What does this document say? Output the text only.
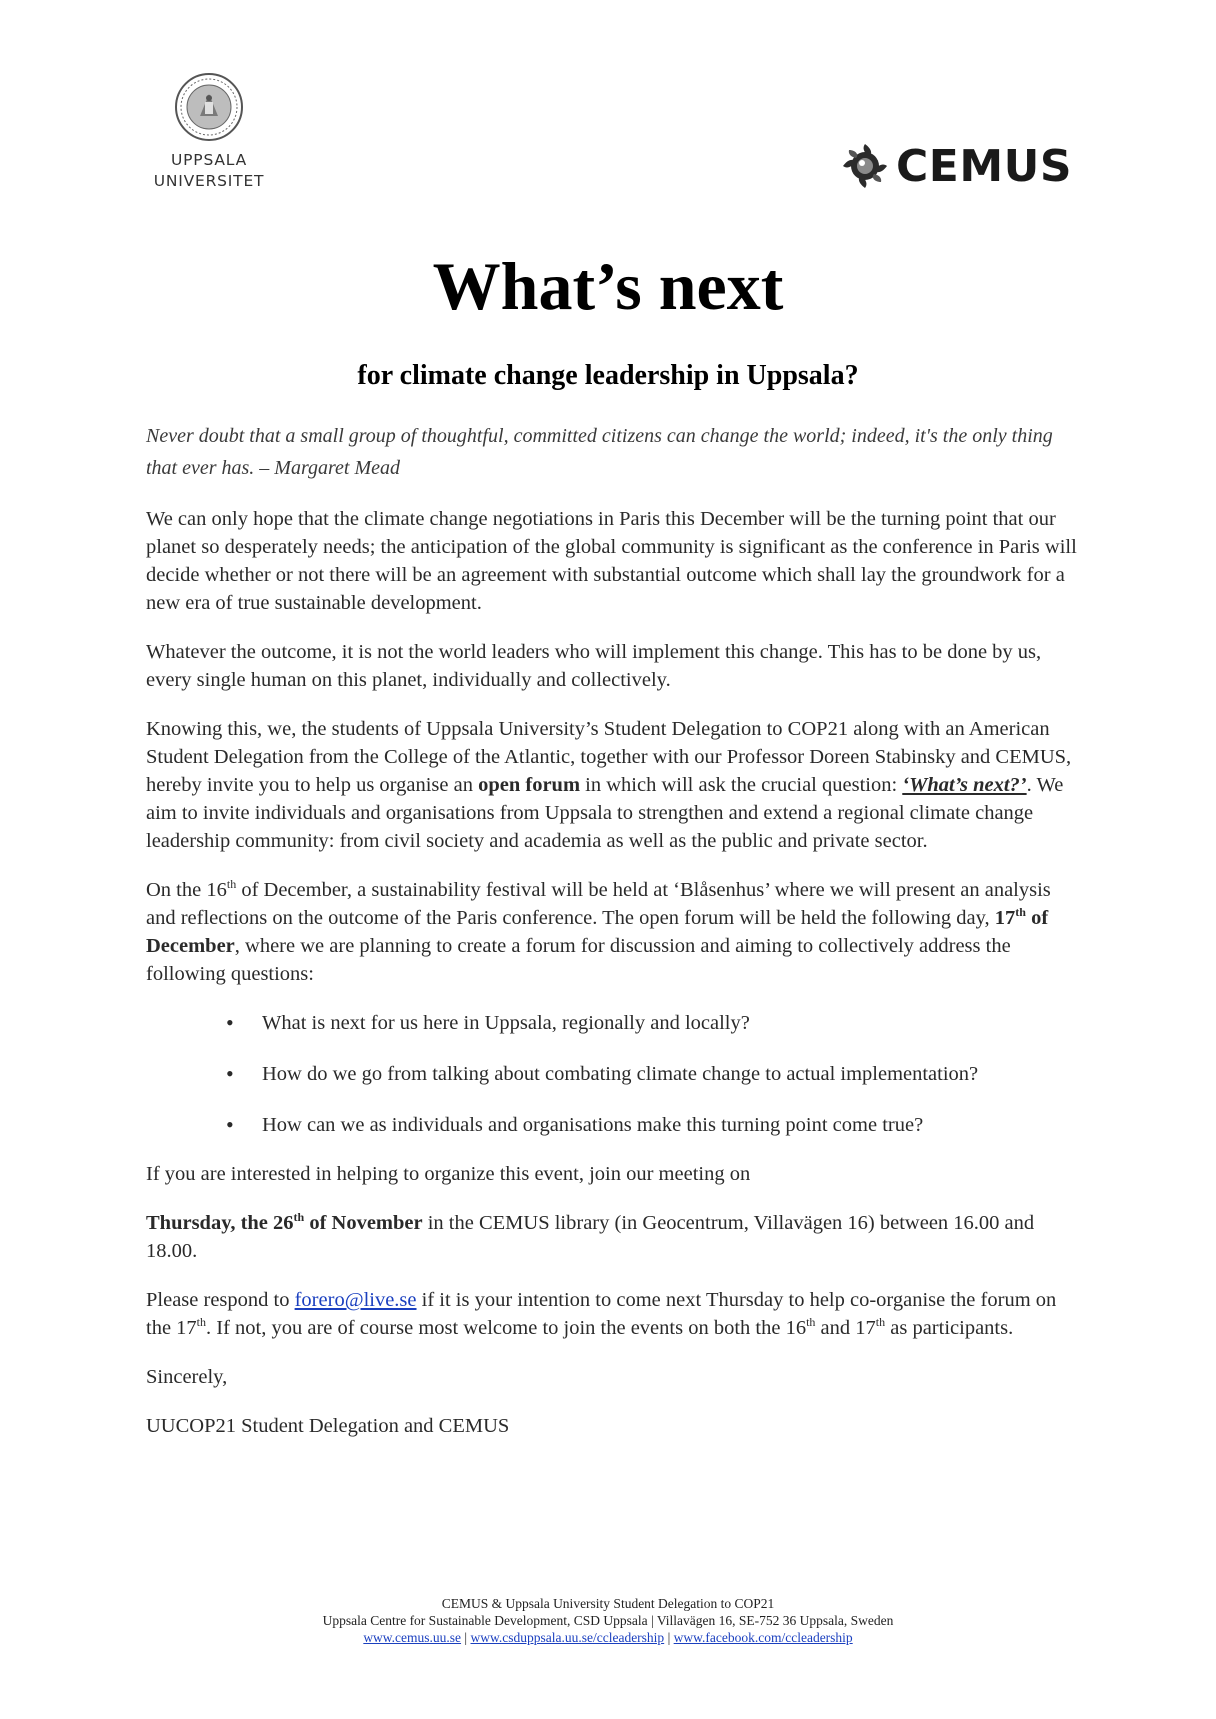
UPPSALA
UNIVERSITET	CEMUS
What’s next
for climate change leadership in Uppsala?

Never doubt that a small group of thoughtful, committed citizens can change the world; indeed, it's the only thing that ever has. – Margaret Mead

We can only hope that the climate change negotiations in Paris this December will be the turning point that our planet so desperately needs; the anticipation of the global community is significant as the conference in Paris will decide whether or not there will be an agreement with substantial outcome which shall lay the groundwork for a new era of true sustainable development.

Whatever the outcome, it is not the world leaders who will implement this change. This has to be done by us, every single human on this planet, individually and collectively.

Knowing this, we, the students of Uppsala University’s Student Delegation to COP21 along with an American Student Delegation from the College of the Atlantic, together with our Professor Doreen Stabinsky and CEMUS, hereby invite you to help us organise an open forum in which will ask the crucial question: ‘What’s next?’. We aim to invite individuals and organisations from Uppsala to strengthen and extend a regional climate change leadership community: from civil society and academia as well as the public and private sector.

On the 16th of December, a sustainability festival will be held at ‘Blåsenhus’ where we will present an analysis and reflections on the outcome of the Paris conference. The open forum will be held the following day, 17th of December, where we are planning to create a forum for discussion and aiming to collectively address the following questions:

• What is next for us here in Uppsala, regionally and locally?
• How do we go from talking about combating climate change to actual implementation?
• How can we as individuals and organisations make this turning point come true?

If you are interested in helping to organize this event, join our meeting on

Thursday, the 26th of November in the CEMUS library (in Geocentrum, Villavägen 16) between 16.00 and 18.00.

Please respond to forero@live.se if it is your intention to come next Thursday to help co-organise the forum on the 17th. If not, you are of course most welcome to join the events on both the 16th and 17th as participants.

Sincerely,

UUCOP21 Student Delegation and CEMUS

CEMUS & Uppsala University Student Delegation to COP21
Uppsala Centre for Sustainable Development, CSD Uppsala | Villavägen 16, SE-752 36 Uppsala, Sweden
www.cemus.uu.se | www.csduppsala.uu.se/ccleadership | www.facebook.com/ccleadership
